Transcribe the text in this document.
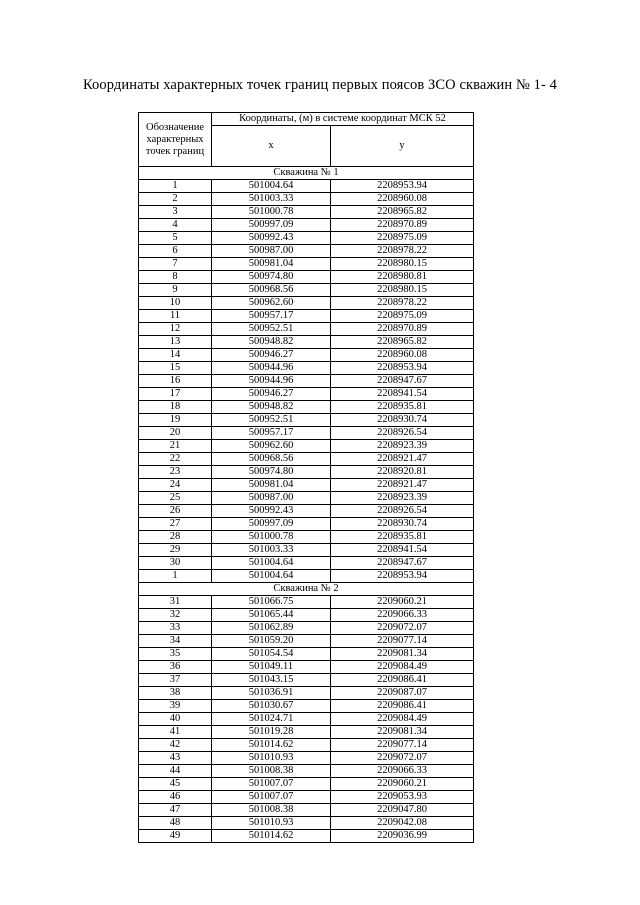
Координаты характерных точек границ первых поясов ЗСО скважин № 1- 4
Обозначение характерных точек границ	Координаты, (м) в системе координат МСК 52	
	х	у
Скважина № 1		
1	501004.64	2208953.94
2	501003.33	2208960.08
3	501000.78	2208965.82
4	500997.09	2208970.89
5	500992.43	2208975.09
6	500987.00	2208978.22
7	500981.04	2208980.15
8	500974.80	2208980.81
9	500968.56	2208980.15
10	500962.60	2208978.22
11	500957.17	2208975.09
12	500952.51	2208970.89
13	500948.82	2208965.82
14	500946.27	2208960.08
15	500944.96	2208953.94
16	500944.96	2208947.67
17	500946.27	2208941.54
18	500948.82	2208935.81
19	500952.51	2208930.74
20	500957.17	2208926.54
21	500962.60	2208923.39
22	500968.56	2208921.47
23	500974.80	2208920.81
24	500981.04	2208921.47
25	500987.00	2208923.39
26	500992.43	2208926.54
27	500997.09	2208930.74
28	501000.78	2208935.81
29	501003.33	2208941.54
30	501004.64	2208947.67
1	501004.64	2208953.94
Скважина № 2		
31	501066.75	2209060.21
32	501065.44	2209066.33
33	501062.89	2209072.07
34	501059.20	2209077.14
35	501054.54	2209081.34
36	501049.11	2209084.49
37	501043.15	2209086.41
38	501036.91	2209087.07
39	501030.67	2209086.41
40	501024.71	2209084.49
41	501019.28	2209081.34
42	501014.62	2209077.14
43	501010.93	2209072.07
44	501008.38	2209066.33
45	501007.07	2209060.21
46	501007.07	2209053.93
47	501008.38	2209047.80
48	501010.93	2209042.08
49	501014.62	2209036.99
